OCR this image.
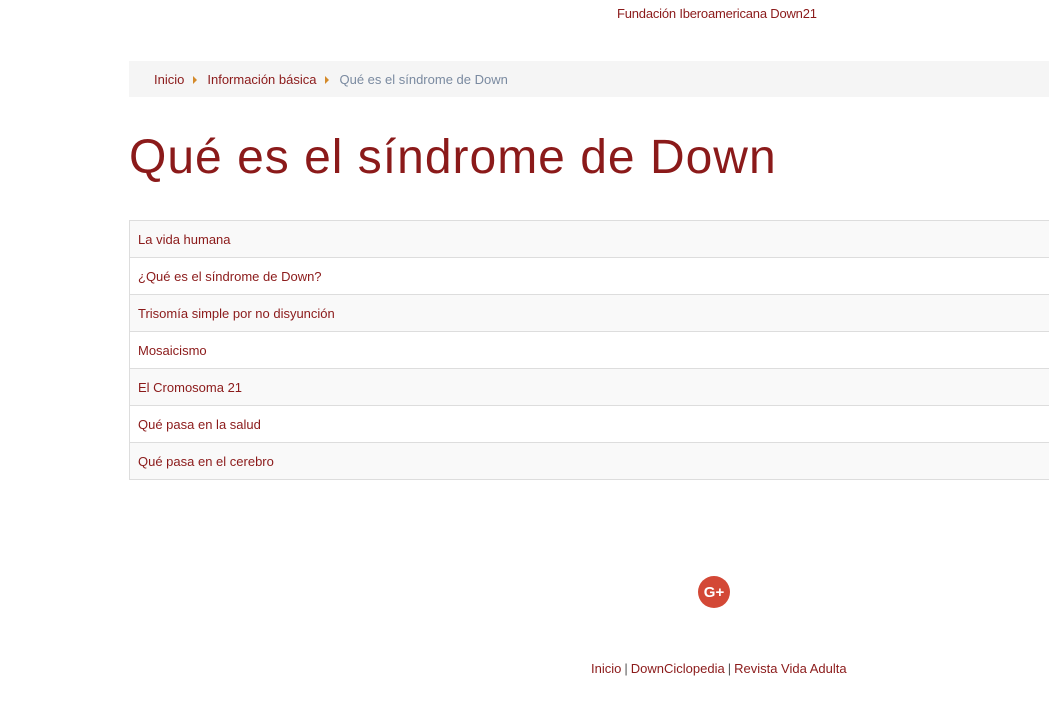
Fundación Iberoamericana Down21
Inicio Información básica Qué es el síndrome de Down
Qué es el síndrome de Down
La vida humana
¿Qué es el síndrome de Down?
Trisomía simple por no disyunción
Mosaicismo
El Cromosoma 21
Qué pasa en la salud
Qué pasa en el cerebro
G+
Inicio | DownCiclopedia | Revista Vida Adulta
